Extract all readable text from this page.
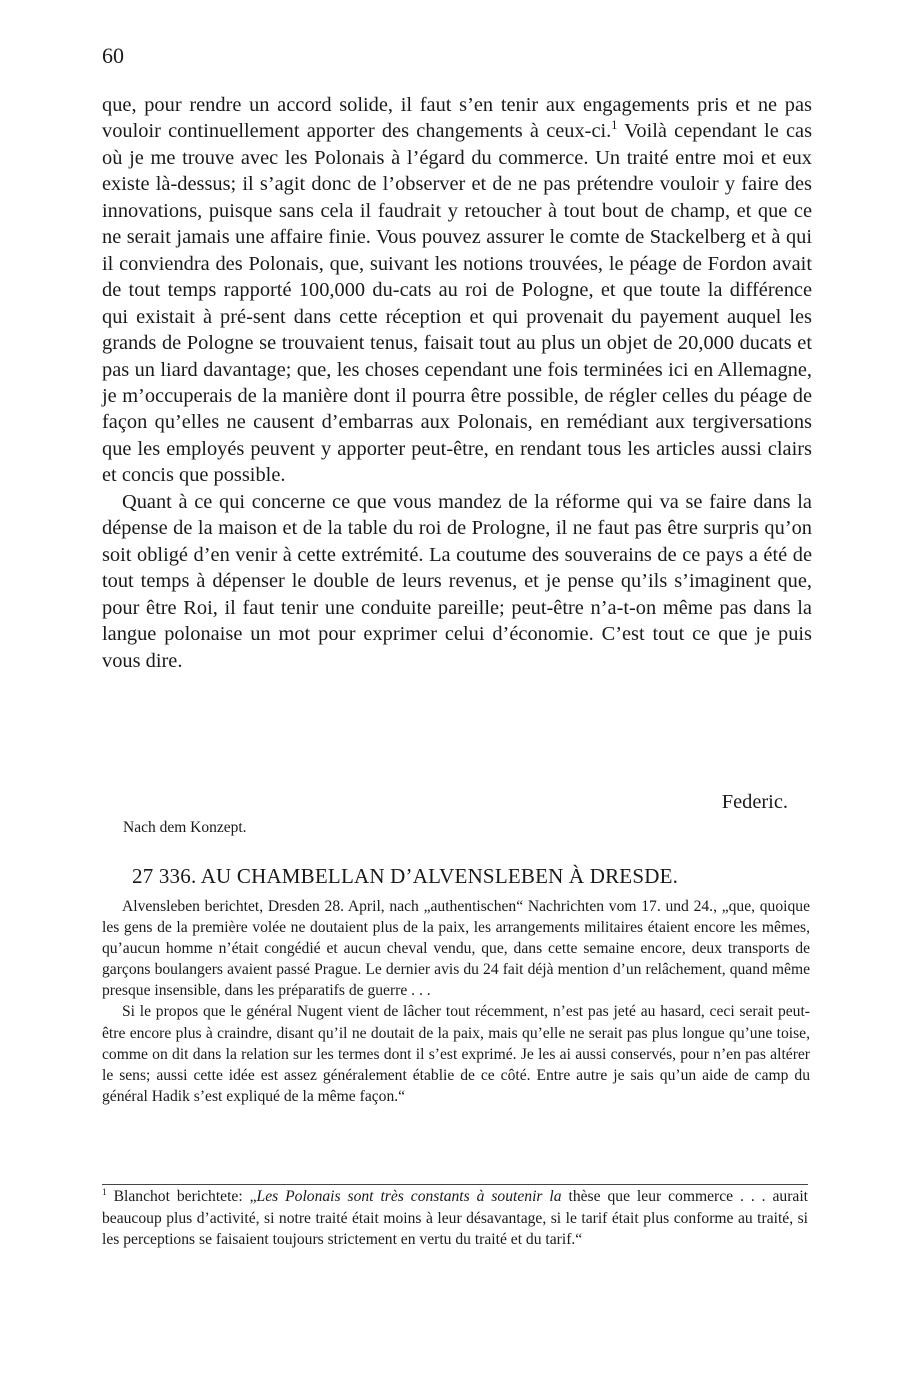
60

que, pour rendre un accord solide, il faut s’en tenir aux engagements pris et ne pas vouloir continuellement apporter des changements à ceux-ci.$^1$ Voilà cependant le cas où je me trouve avec les Polonais à l’égard du commerce. Un traité entre moi et eux existe là-dessus; il s’agit donc de l’observer et de ne pas prétendre vouloir y faire des innovations, puisque sans cela il faudrait y retoucher à tout bout de champ, et que ce ne serait jamais une affaire finie. Vous pouvez assurer le comte de Stackelberg et à qui il conviendra des Polonais, que, suivant les notions trouvées, le péage de Fordon avait de tout temps rapporté 100,000 du-cats au roi de Pologne, et que toute la différence qui existait à pré-sent dans cette réception et qui provenait du payement auquel les grands de Pologne se trouvaient tenus, faisait tout au plus un objet de 20,000 ducats et pas un liard davantage; que, les choses cependant une fois terminées ici en Allemagne, je m’occuperais de la manière dont il pourra être possible, de régler celles du péage de façon qu’elles ne causent d’embarras aux Polonais, en remédiant aux tergiversations que les employés peuvent y apporter peut-être, en rendant tous les articles aussi clairs et concis que possible.

Quant à ce qui concerne ce que vous mandez de la réforme qui va se faire dans la dépense de la maison et de la table du roi de Prologne, il ne faut pas être surpris qu’on soit obligé d’en venir à cette extrémité. La coutume des souverains de ce pays a été de tout temps à dépenser le double de leurs revenus, et je pense qu’ils s’imaginent que, pour être Roi, il faut tenir une conduite pareille; peut-être n’a-t-on même pas dans la langue polonaise un mot pour exprimer celui d’économie. C’est tout ce que je puis vous dire.

Federic.
Nach dem Konzept.
27 336. AU CHAMBELLAN D’ALVENSLEBEN À DRESDE.

Alvensleben berichtet, Dresden 28. April, nach „authentischen“ Nachrichten vom 17. und 24., „que, quoique les gens de la première volée ne doutaient plus de la paix, les arrangements militaires étaient encore les mêmes, qu’aucun homme n’était congédié et aucun cheval vendu, que, dans cette semaine encore, deux transports de garçons boulangers avaient passé Prague. Le dernier avis du 24 fait déjà mention d’un relâchement, quand même presque insensible, dans les préparatifs de guerre . . .

Si le propos que le général Nugent vient de lâcher tout récemment, n’est pas jeté au hasard, ceci serait peut-être encore plus à craindre, disant qu’il ne doutait de la paix, mais qu’elle ne serait pas plus longue qu’une toise, comme on dit dans la relation sur les termes dont il s’est exprimé. Je les ai aussi conservés, pour n’en pas altérer le sens; aussi cette idée est assez généralement établie de ce côté. Entre autre je sais qu’un aide de camp du général Hadik s’est expliqué de la même façon.“

$^1$ Blanchot berichtete: „Les Polonais sont très constants à soutenir la thèse que leur commerce . . . aurait beaucoup plus d’activité, si notre traité était moins à leur désavantage, si le tarif était plus conforme au traité, si les perceptions se faisaient toujours strictement en vertu du traité et du tarif.“
